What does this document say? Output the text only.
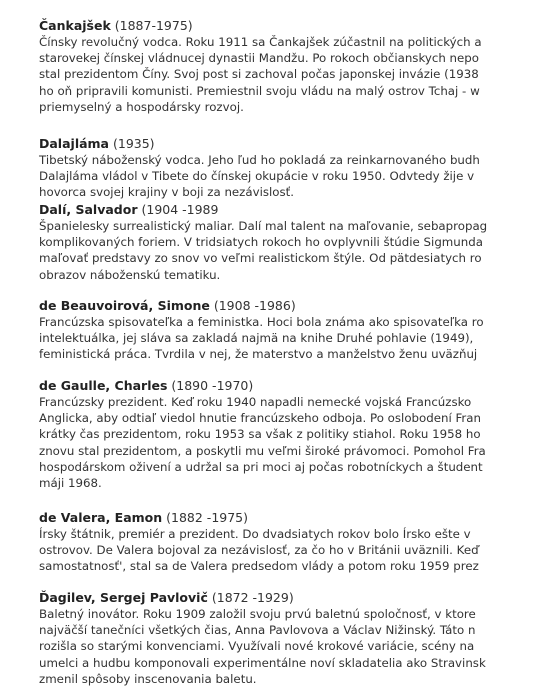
Čankajšek (1887-1975)
Čínsky revolučný vodca. Roku 1911 sa Čankajšek zúčastnil na politických a
starovekej čínskej vládnucej dynastii Mandžu. Po rokoch občianskych nepo
stal prezidentom Číny. Svoj post si zachoval počas japonskej invázie (1938
ho oň pripravili komunisti. Premiestnil svoju vládu na malý ostrov Tchaj - w
priemyselný a hospodársky rozvoj.
Dalajláma (1935)
Tibetský náboženský vodca. Jeho ľud ho pokladá za reinkarnovaného budh
Dalajláma vládol v Tibete do čínskej okupácie v roku 1950. Odvtedy žije v
hovorca svojej krajiny v boji za nezávislosť.
Dalí, Salvador (1904 -1989
Španielesky surrealistický maliar. Dalí mal talent na maľovanie, sebapropag
komplikovaných foriem. V tridsiatych rokoch ho ovplyvnili štúdie Sigmunda
maľovať predstavy zo snov vo veľmi realistickom štýle. Od pätdesiatych ro
obrazov náboženskú tematiku.
de Beauvoirová, Simone (1908 -1986)
Francúzska spisovateľka a feministka. Hoci bola známa ako spisovateľka ro
intelektuálka, jej sláva sa zakladá najmä na knihe Druhé pohlavie (1949),
feministická práca. Tvrdila v nej, že materstvo a manželstvo ženu uväzňuj
de Gaulle, Charles (1890 -1970)
Francúzsky prezident. Keď roku 1940 napadli nemecké vojská Francúzsko
Anglicka, aby odtiaľ viedol hnutie francúzskeho odboja. Po oslobodení Fran
krátky čas prezidentom, roku 1953 sa však z politiky stiahol. Roku 1958 ho
znovu stal prezidentom, a poskytli mu veľmi široké právomoci. Pomohol Fra
hospodárskom oživení a udržal sa pri moci aj počas robotníckych a študent
máji 1968.
de Valera, Eamon (1882 -1975)
Írsky štátnik, premiér a prezident. Do dvadsiatych rokov bolo Írsko ešte v
ostrovov. De Valera bojoval za nezávislosť, za čo ho v Británii uväznili. Keď
samostatnosť', stal sa de Valera predsedom vlády a potom roku 1959 prez
Ďagilev, Sergej Pavlovič (1872 -1929)
Baletný inovátor. Roku 1909 založil svoju prvú baletnú spoločnosť, v ktore
najväčší tanečníci všetkých čias, Anna Pavlovova a Václav Nižinský. Táto n
rozišla so starými konvenciami. Využívali nové krokové variácie, scény na
umelci a hudbu komponovali experimentálne noví skladatelia ako Stravinsk
zmenil spôsoby inscenovania baletu.
